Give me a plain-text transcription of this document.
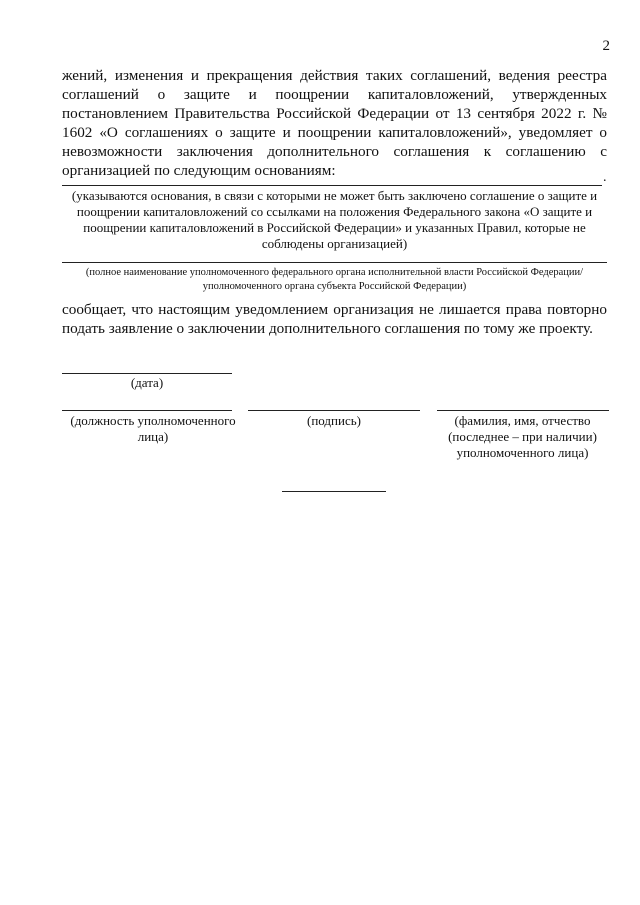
2

жений, изменения и прекращения действия таких соглашений, ведения реестра соглашений о защите и поощрении капиталовложений, утвержденных постановлением Правительства Российской Федерации от 13 сентября 2022 г. № 1602 «О соглашениях о защите и поощрении капиталовложений», уведомляет о невозможности заключения дополнительного соглашения к соглашению с организацией по следующим основаниям:	.
(указываются основания, в связи с которыми не может быть заключено соглашение о защите и поощрении капиталовложений со ссылками на положения Федерального закона «О защите и поощрении капиталовложений в Российской Федерации» и указанных Правил, которые не соблюдены организацией)
(полное наименование уполномоченного федерального органа исполнительной власти Российской Федерации/уполномоченного органа субъекта Российской Федерации)

сообщает, что настоящим уведомлением организация не лишается права повторно подать заявление о заключении дополнительного соглашения по тому же проекту.

(дата)
(должность уполномоченного лица)
(подпись)	(фамилия, имя, отчество (последнее – при наличии) уполномоченного лица)
